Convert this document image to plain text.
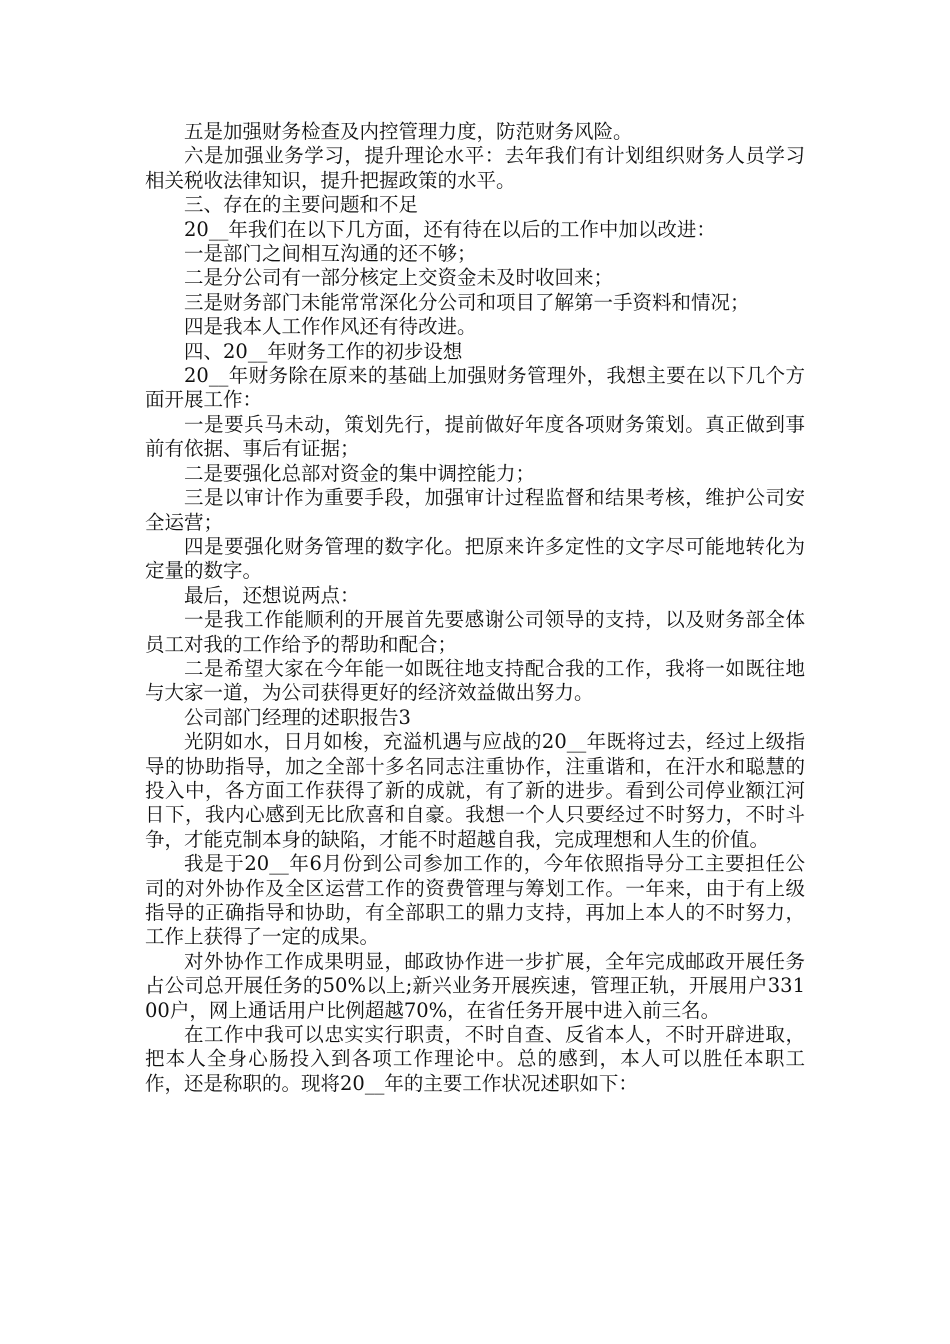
五是加强财务检查及内控管理力度，防范财务风险。

六是加强业务学习，提升理论水平：去年我们有计划组织财务人员学习相关税收法律知识，提升把握政策的水平。

三、存在的主要问题和不足

20__年我们在以下几方面，还有待在以后的工作中加以改进：

一是部门之间相互沟通的还不够；

二是分公司有一部分核定上交资金未及时收回来；

三是财务部门未能常常深化分公司和项目了解第一手资料和情况；

四是我本人工作作风还有待改进。

四、20__年财务工作的初步设想

20__年财务除在原来的基础上加强财务管理外，我想主要在以下几个方面开展工作：

一是要兵马未动，策划先行，提前做好年度各项财务策划。真正做到事前有依据、事后有证据；

二是要强化总部对资金的集中调控能力；

三是以审计作为重要手段，加强审计过程监督和结果考核，维护公司安全运营；

四是要强化财务管理的数字化。把原来许多定性的文字尽可能地转化为定量的数字。

最后，还想说两点：

一是我工作能顺利的开展首先要感谢公司领导的支持，以及财务部全体员工对我的工作给予的帮助和配合；

二是希望大家在今年能一如既往地支持配合我的工作，我将一如既往地与大家一道，为公司获得更好的经济效益做出努力。

公司部门经理的述职报告3

光阴如水，日月如梭，充溢机遇与应战的20__年既将过去，经过上级指导的协助指导，加之全部十多名同志注重协作，注重谐和，在汗水和聪慧的投入中，各方面工作获得了新的成就，有了新的进步。看到公司停业额江河日下，我内心感到无比欣喜和自豪。我想一个人只要经过不时努力，不时斗争，才能克制本身的缺陷，才能不时超越自我，完成理想和人生的价值。

我是于20__年6月份到公司参加工作的，今年依照指导分工主要担任公司的对外协作及全区运营工作的资费管理与筹划工作。一年来，由于有上级指导的正确指导和协助，有全部职工的鼎力支持，再加上本人的不时努力，工作上获得了一定的成果。

对外协作工作成果明显，邮政协作进一步扩展，全年完成邮政开展任务占公司总开展任务的50%以上;新兴业务开展疾速，管理正轨，开展用户33100户，网上通话用户比例超越70%，在省任务开展中进入前三名。

在工作中我可以忠实实行职责，不时自查、反省本人，不时开辟进取，把本人全身心肠投入到各项工作理论中。总的感到，本人可以胜任本职工作，还是称职的。现将20__年的主要工作状况述职如下：
